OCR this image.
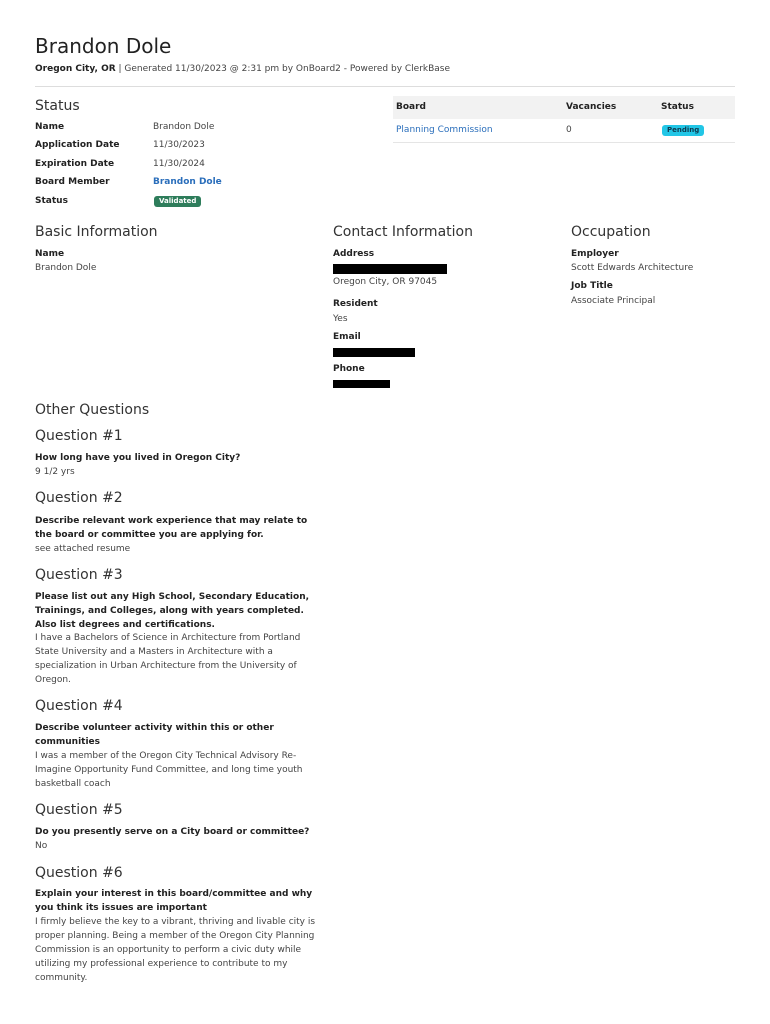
Brandon Dole
Oregon City, OR | Generated 11/30/2023 @ 2:31 pm by OnBoard2 - Powered by ClerkBase
Status
Name	Brandon Dole
Application Date	11/30/2023
Expiration Date	11/30/2024
Board Member	Brandon Dole
Status	Validated
Board	Vacancies	Status
Planning Commission	0	Pending
Basic Information
Name
Brandon Dole
Contact Information
Address
Oregon City, OR 97045
Resident
Yes
Email
Phone
Occupation
Employer
Scott Edwards Architecture
Job Title
Associate Principal
Other Questions
Question #1
How long have you lived in Oregon City?
9 1/2 yrs
Question #2
Describe relevant work experience that may relate to the board or committee you are applying for.
see attached resume
Question #3
Please list out any High School, Secondary Education, Trainings, and Colleges, along with years completed. Also list degrees and certifications.
I have a Bachelors of Science in Architecture from Portland State University and a Masters in Architecture with a specialization in Urban Architecture from the University of Oregon.
Question #4
Describe volunteer activity within this or other communities
I was a member of the Oregon City Technical Advisory Re-Imagine Opportunity Fund Committee, and long time youth basketball coach
Question #5
Do you presently serve on a City board or committee?
No
Question #6
Explain your interest in this board/committee and why you think its issues are important
I firmly believe the key to a vibrant, thriving and livable city is proper planning. Being a member of the Oregon City Planning Commission is an opportunity to perform a civic duty while utilizing my professional experience to contribute to my community.
